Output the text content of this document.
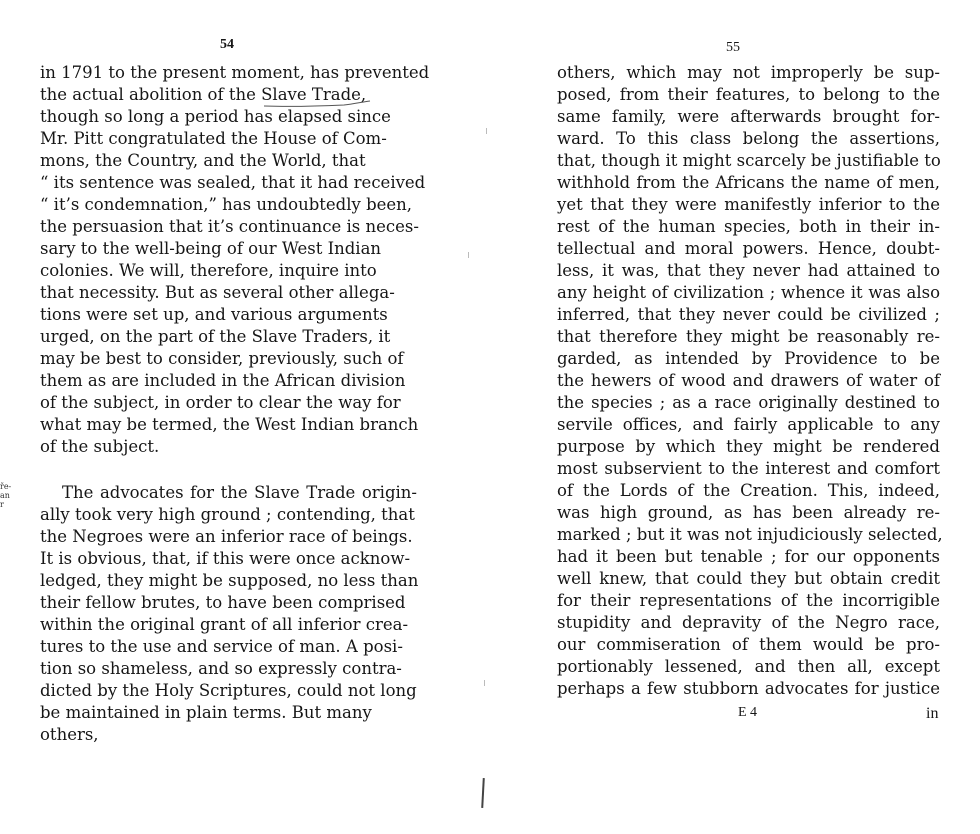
54
in 1791 to the present moment, has prevented
the actual abolition of the Slave Trade,
though so long a period has elapsed since
Mr. Pitt congratulated the House of Com-
mons, the Country, and the World, that
“ its sentence was sealed, that it had received
“ it’s condemnation,” has undoubtedly been,
the persuasion that it’s continuance is neces-
sary to the well-being of our West Indian
colonies. We will, therefore, inquire into
that necessity. But as several other allega-
tions were set up, and various arguments
urged, on the part of the Slave Traders, it
may be best to consider, previously, such of
them as are included in the African division
of the subject, in order to clear the way for
what may be termed, the West Indian branch
of the subject.
ře-
an
r
The advocates for the Slave Trade origin-
ally took very high ground ; contending, that
the Negroes were an inferior race of beings.
It is obvious, that, if this were once acknow-
ledged, they might be supposed, no less than
their fellow brutes, to have been comprised
within the original grant of all inferior crea-
tures to the use and service of man. A posi-
tion so shameless, and so expressly contra-
dicted by the Holy Scriptures, could not long
be maintained in plain terms. But many
others,
55
others, which may not improperly be sup-
posed, from their features, to belong to the
same family, were afterwards brought for-
ward. To this class belong the assertions,
that, though it might scarcely be justifiable to
withhold from the Africans the name of men,
yet that they were manifestly inferior to the
rest of the human species, both in their in-
tellectual and moral powers. Hence, doubt-
less, it was, that they never had attained to
any height of civilization ; whence it was also
inferred, that they never could be civilized ;
that therefore they might be reasonably re-
garded, as intended by Providence to be
the hewers of wood and drawers of water of
the species ; as a race originally destined to
servile offices, and fairly applicable to any
purpose by which they might be rendered
most subservient to the interest and comfort
of the Lords of the Creation. This, indeed,
was high ground, as has been already re-
marked ; but it was not injudiciously selected,
had it been but tenable ; for our opponents
well knew, that could they but obtain credit
for their representations of the incorrigible
stupidity and depravity of the Negro race,
our commiseration of them would be pro-
portionably lessened, and then all, except
perhaps a few stubborn advocates for justice
E 4	in
